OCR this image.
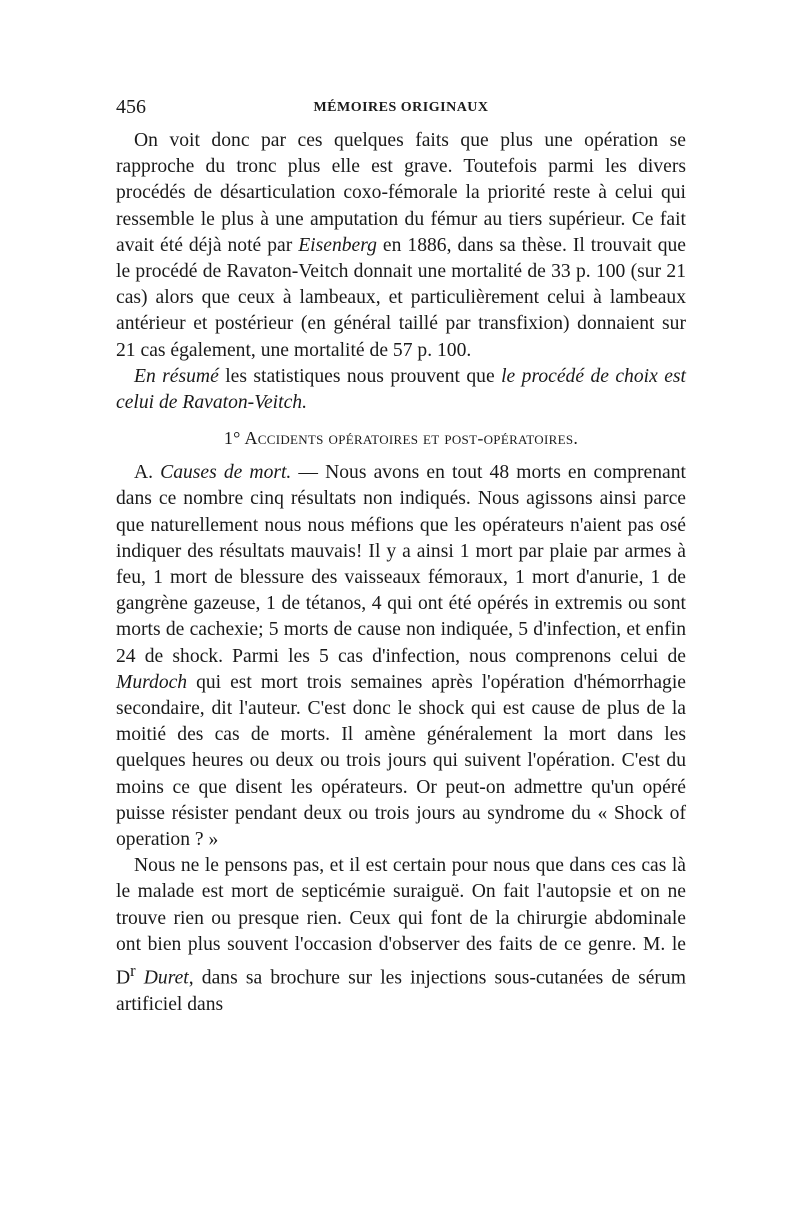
456	MÉMOIRES ORIGINAUX

On voit donc par ces quelques faits que plus une opération se rapproche du tronc plus elle est grave. Toutefois parmi les divers procédés de désarticulation coxo-fémorale la priorité reste à celui qui ressemble le plus à une amputation du fémur au tiers supérieur. Ce fait avait été déjà noté par Eisenberg en 1886, dans sa thèse. Il trouvait que le procédé de Ravaton-Veitch donnait une mortalité de 33 p. 100 (sur 21 cas) alors que ceux à lambeaux, et particulièrement celui à lambeaux antérieur et postérieur (en général taillé par transfixion) donnaient sur 21 cas également, une mortalité de 57 p. 100.

En résumé les statistiques nous prouvent que le procédé de choix est celui de Ravaton-Veitch.

1° Accidents opératoires et post-opératoires.

A. Causes de mort. — Nous avons en tout 48 morts en comprenant dans ce nombre cinq résultats non indiqués. Nous agissons ainsi parce que naturellement nous nous méfions que les opérateurs n'aient pas osé indiquer des résultats mauvais! Il y a ainsi 1 mort par plaie par armes à feu, 1 mort de blessure des vaisseaux fémoraux, 1 mort d'anurie, 1 de gangrène gazeuse, 1 de tétanos, 4 qui ont été opérés in extremis ou sont morts de cachexie; 5 morts de cause non indiquée, 5 d'infection, et enfin 24 de shock. Parmi les 5 cas d'infection, nous comprenons celui de Murdoch qui est mort trois semaines après l'opération d'hémorrhagie secondaire, dit l'auteur. C'est donc le shock qui est cause de plus de la moitié des cas de morts. Il amène généralement la mort dans les quelques heures ou deux ou trois jours qui suivent l'opération. C'est du moins ce que disent les opérateurs. Or peut-on admettre qu'un opéré puisse résister pendant deux ou trois jours au syndrome du « Shock of operation ? »

Nous ne le pensons pas, et il est certain pour nous que dans ces cas là le malade est mort de septicémie suraiguë. On fait l'autopsie et on ne trouve rien ou presque rien. Ceux qui font de la chirurgie abdominale ont bien plus souvent l'occasion d'observer des faits de ce genre. M. le $D^r$ Duret, dans sa brochure sur les injections sous-cutanées de sérum artificiel dans
